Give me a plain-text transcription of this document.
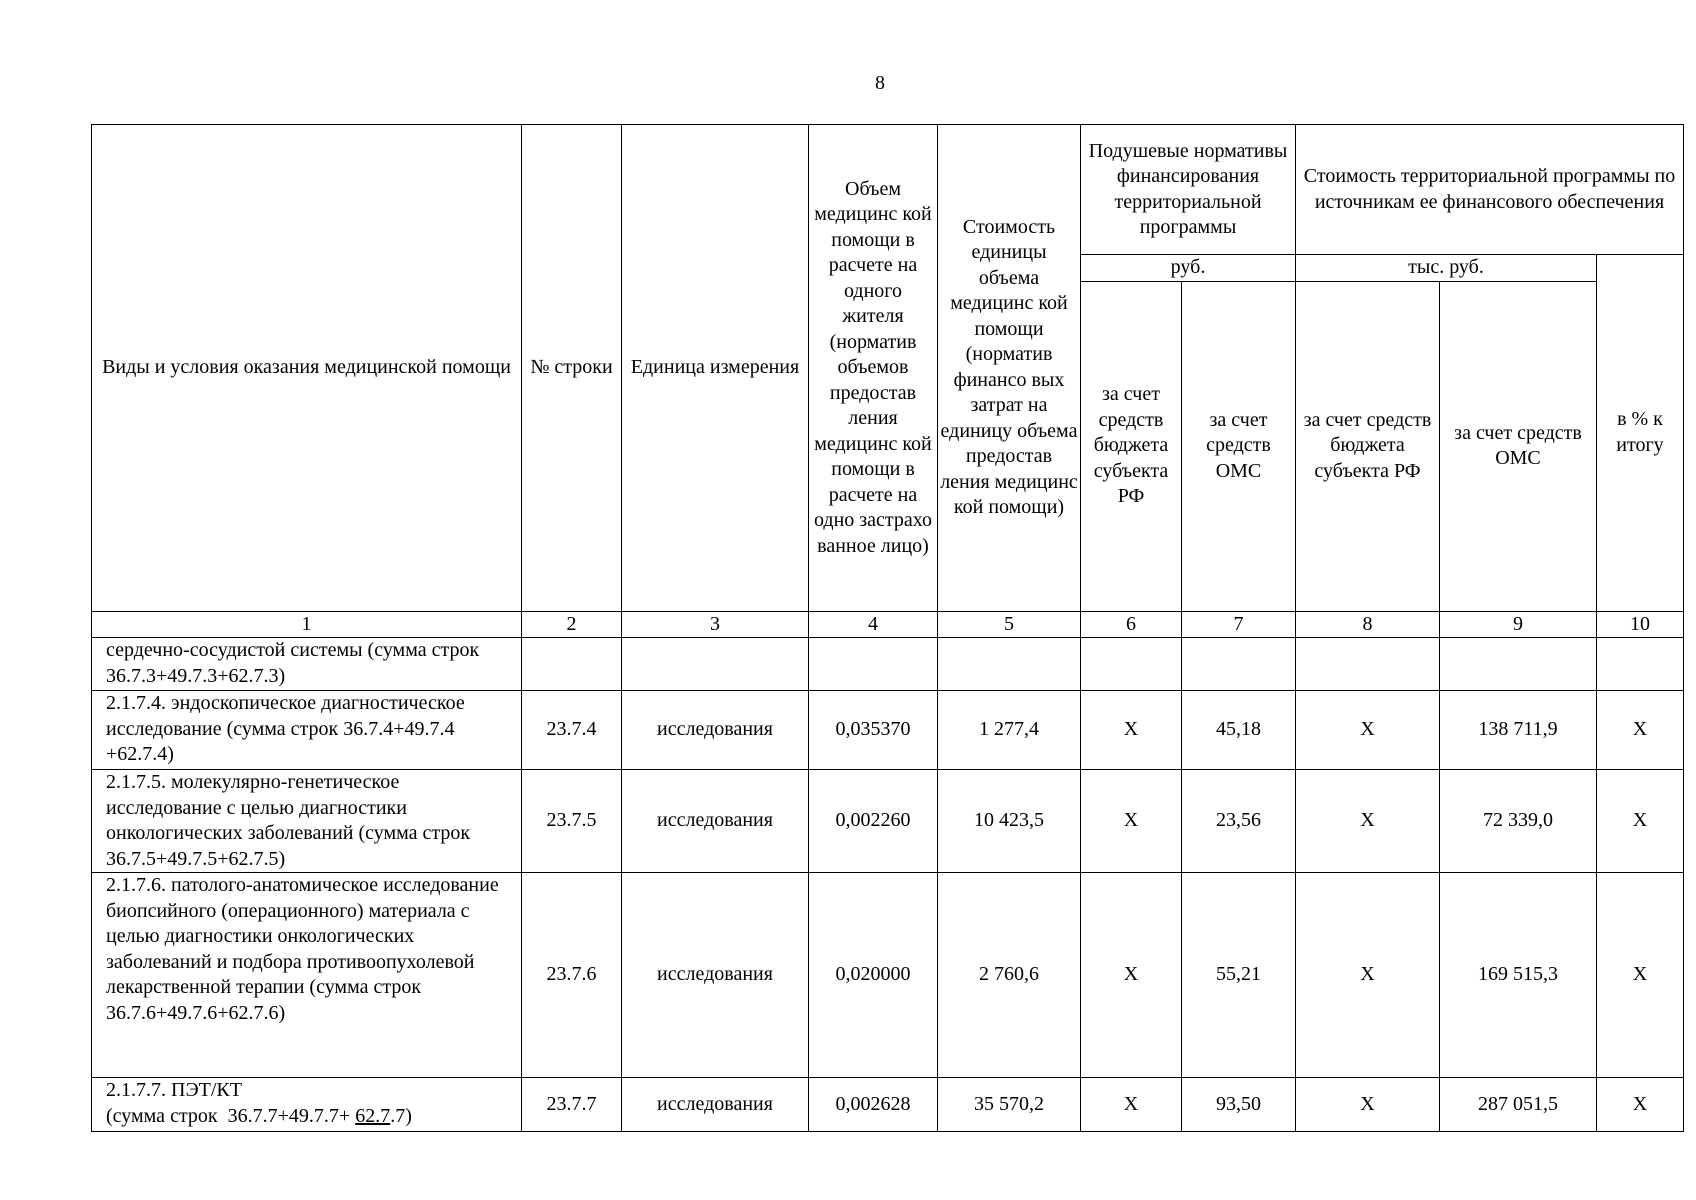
8
Виды и условия оказания медицинской помощи	№ строки	Единица измерения	Объем медицинс кой помощи в расчете на одного жителя (норматив объемов предостав ления медицинс кой помощи в расчете на одно застрахо ванное лицо)	Стоимость единицы объема медицинс кой помощи (норматив финансо вых затрат на единицу объема предостав ления медицинс кой помощи)	Подушевые нормативы финансирования территориальной программы		Стоимость территориальной программы по источникам ее финансового обеспечения		
					руб.		тыс. руб.		в % к итогу
					за счет средств бюджета субъекта РФ	за счет средств ОМС	за счет средств бюджета субъекта РФ	за счет средств ОМС	
1	2	3	4	5	6	7	8	9	10
сердечно-сосудистой системы (сумма строк 36.7.3+49.7.3+62.7.3)									
2.1.7.4. эндоскопическое диагностическое исследование (сумма строк 36.7.4+49.7.4 +62.7.4)	23.7.4	исследования	0,035370	1 277,4	Х	45,18	Х	138 711,9	Х
2.1.7.5. молекулярно-генетическое исследование с целью диагностики онкологических заболеваний (сумма строк 36.7.5+49.7.5+62.7.5)	23.7.5	исследования	0,002260	10 423,5	Х	23,56	Х	72 339,0	Х
2.1.7.6. патолого-анатомическое исследование биопсийного (операционного) материала с целью диагностики онкологических заболеваний и подбора противоопухолевой лекарственной терапии (сумма строк 36.7.6+49.7.6+62.7.6)	23.7.6	исследования	0,020000	2 760,6	Х	55,21	Х	169 515,3	Х

2.1.7.7. ПЭТ/КТ
(сумма строк  36.7.7+49.7.7+ 62.7.7)	23.7.7	исследования	0,002628	35 570,2	Х	93,50	Х	287 051,5	Х
